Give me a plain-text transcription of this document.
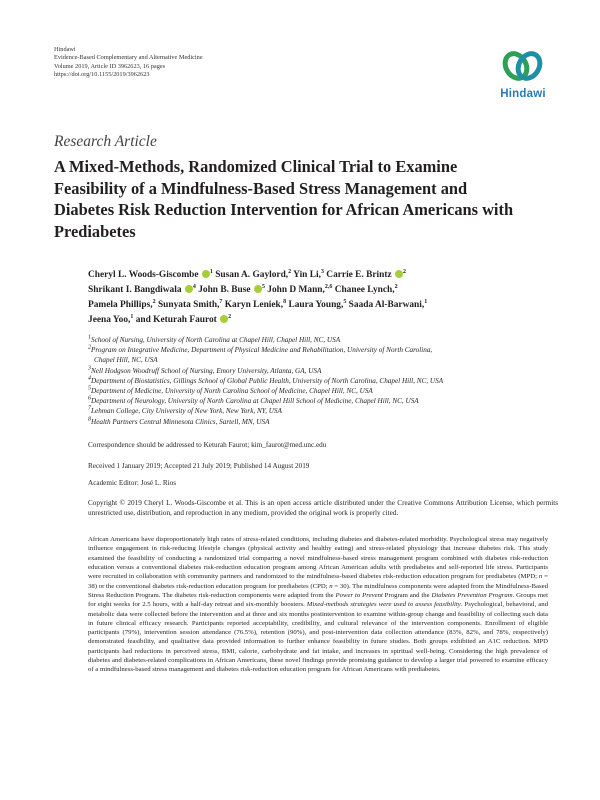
Hindawi
Evidence-Based Complementary and Alternative Medicine
Volume 2019, Article ID 3962623, 16 pages
https://doi.org/10.1155/2019/3962623
Hindawi
Research Article
A Mixed-Methods, Randomized Clinical Trial to Examine Feasibility of a Mindfulness-Based Stress Management and Diabetes Risk Reduction Intervention for African Americans with Prediabetes
Cheryl L. Woods-Giscombe iD $^1$ Susan A. Gaylord,$^2$ Yin Li,$^3$ Carrie E. Brintz iD $^2$
Shrikant I. Bangdiwala iD $^4$ John B. Buse iD $^5$ John D Mann,$^{2,6}$ Chanee Lynch,$^2$
Pamela Phillips,$^2$ Sunyata Smith,$^7$ Karyn Leniek,$^8$ Laura Young,$^5$ Saada Al-Barwani,$^1$
Jeena Yoo,$^1$ and Keturah Faurot iD $^2$

$^1$School of Nursing, University of North Carolina at Chapel Hill, Chapel Hill, NC, USA

$^2$Program on Integrative Medicine, Department of Physical Medicine and Rehabilitation, University of North Carolina,

Chapel Hill, NC, USA

$^3$Nell Hodgson Woodruff School of Nursing, Emory University, Atlanta, GA, USA

$^4$Department of Biostatistics, Gillings School of Global Public Health, University of North Carolina, Chapel Hill, NC, USA

$^5$Department of Medicine, University of North Carolina School of Medicine, Chapel Hill, NC, USA

$^6$Department of Neurology, University of North Carolina at Chapel Hill School of Medicine, Chapel Hill, NC, USA

$^7$Lehman College, City University of New York, New York, NY, USA

$^8$Health Partners Central Minnesota Clinics, Sartell, MN, USA

Correspondence should be addressed to Keturah Faurot; kim_faurot@med.unc.edu
Received 1 January 2019; Accepted 21 July 2019; Published 14 August 2019
Academic Editor: José L. Rios
Copyright © 2019 Cheryl L. Woods-Giscombe et al. This is an open access article distributed under the Creative Commons Attribution License, which permits unrestricted use, distribution, and reproduction in any medium, provided the original work is properly cited.
African Americans have disproportionately high rates of stress-related conditions, including diabetes and diabetes-related morbidity. Psychological stress may negatively influence engagement in risk-reducing lifestyle changes (physical activity and healthy eating) and stress-related physiology that increase diabetes risk. This study examined the feasibility of conducting a randomized trial comparing a novel mindfulness-based stress management program combined with diabetes risk-reduction education versus a conventional diabetes risk-reduction education program among African American adults with prediabetes and self-reported life stress. Participants were recruited in collaboration with community partners and randomized to the mindfulness-based diabetes risk-reduction education program for prediabetes (MPD; n = 38) or the conventional diabetes risk-reduction education program for prediabetes (CPD; n = 30). The mindfulness components were adapted from the Mindfulness-Based Stress Reduction Program. The diabetes risk-reduction components were adapted from the Power to Prevent Program and the Diabetes Prevention Program. Groups met for eight weeks for 2.5 hours, with a half-day retreat and six-monthly boosters. Mixed-methods strategies were used to assess feasibility. Psychological, behavioral, and metabolic data were collected before the intervention and at three and six months postintervention to examine within-group change and feasibility of collecting such data in future clinical efficacy research. Participants reported acceptability, credibility, and cultural relevance of the intervention components. Enrollment of eligible participants (79%), intervention session attendance (76.5%), retention (90%), and post-intervention data collection attendance (83%, 82%, and 78%, respectively) demonstrated feasibility, and qualitative data provided information to further enhance feasibility in future studies. Both groups exhibited an A1C reduction. MPD participants had reductions in perceived stress, BMI, calorie, carbohydrate and fat intake, and increases in spiritual well-being. Considering the high prevalence of diabetes and diabetes-related complications in African Americans, these novel findings provide promising guidance to develop a larger trial powered to examine efficacy of a mindfulness-based stress management and diabetes risk-reduction education program for African Americans with prediabetes.
